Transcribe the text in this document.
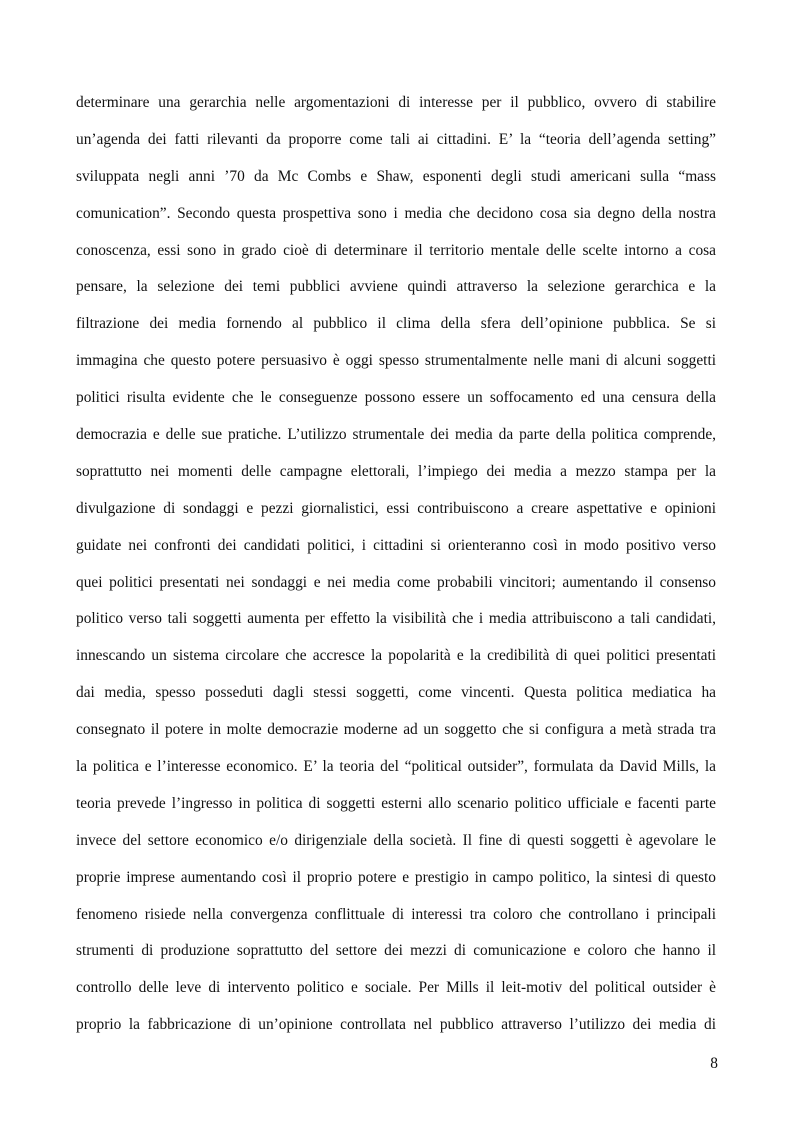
determinare una gerarchia nelle argomentazioni di interesse per il pubblico, ovvero di stabilire
un’agenda dei fatti rilevanti da proporre come tali ai cittadini. E’ la “teoria dell’agenda setting”
sviluppata negli anni ’70 da Mc Combs e Shaw, esponenti degli studi americani sulla “mass
comunication”. Secondo questa prospettiva sono i media che decidono cosa sia degno della nostra
conoscenza, essi sono in grado cioè di determinare il territorio mentale delle scelte intorno a cosa
pensare, la selezione dei temi pubblici avviene quindi attraverso la selezione gerarchica e la
filtrazione dei media fornendo al pubblico il clima della sfera dell’opinione pubblica. Se si
immagina che questo potere persuasivo è oggi spesso strumentalmente nelle mani di alcuni soggetti
politici risulta evidente che le conseguenze possono essere un soffocamento ed una censura della
democrazia e delle sue pratiche. L’utilizzo strumentale dei media da parte della politica comprende,
soprattutto nei momenti delle campagne elettorali, l’impiego dei media a mezzo stampa per la
divulgazione di sondaggi e pezzi giornalistici, essi contribuiscono a creare aspettative e opinioni
guidate nei confronti dei candidati politici, i cittadini si orienteranno così in modo positivo verso
quei politici presentati nei sondaggi e nei media come probabili vincitori; aumentando il consenso
politico verso tali soggetti aumenta per effetto la visibilità che i media attribuiscono a tali candidati,
innescando un sistema circolare che accresce la popolarità e la credibilità di quei politici presentati
dai media, spesso posseduti dagli stessi soggetti, come vincenti. Questa politica mediatica ha
consegnato il potere in molte democrazie moderne ad un soggetto che si configura a metà strada tra
la politica e l’interesse economico. E’ la teoria del “political outsider”, formulata da David Mills, la
teoria prevede l’ingresso in politica di soggetti esterni allo scenario politico ufficiale e facenti parte
invece del settore economico e/o dirigenziale della società. Il fine di questi soggetti è agevolare le
proprie imprese aumentando così il proprio potere e prestigio in campo politico, la sintesi di questo
fenomeno risiede nella convergenza conflittuale di interessi tra coloro che controllano i principali
strumenti di produzione soprattutto del settore dei mezzi di comunicazione e coloro che hanno il
controllo delle leve di intervento politico e sociale. Per Mills il leit-motiv del political outsider è
proprio la fabbricazione di un’opinione controllata nel pubblico attraverso l’utilizzo dei media di
8
